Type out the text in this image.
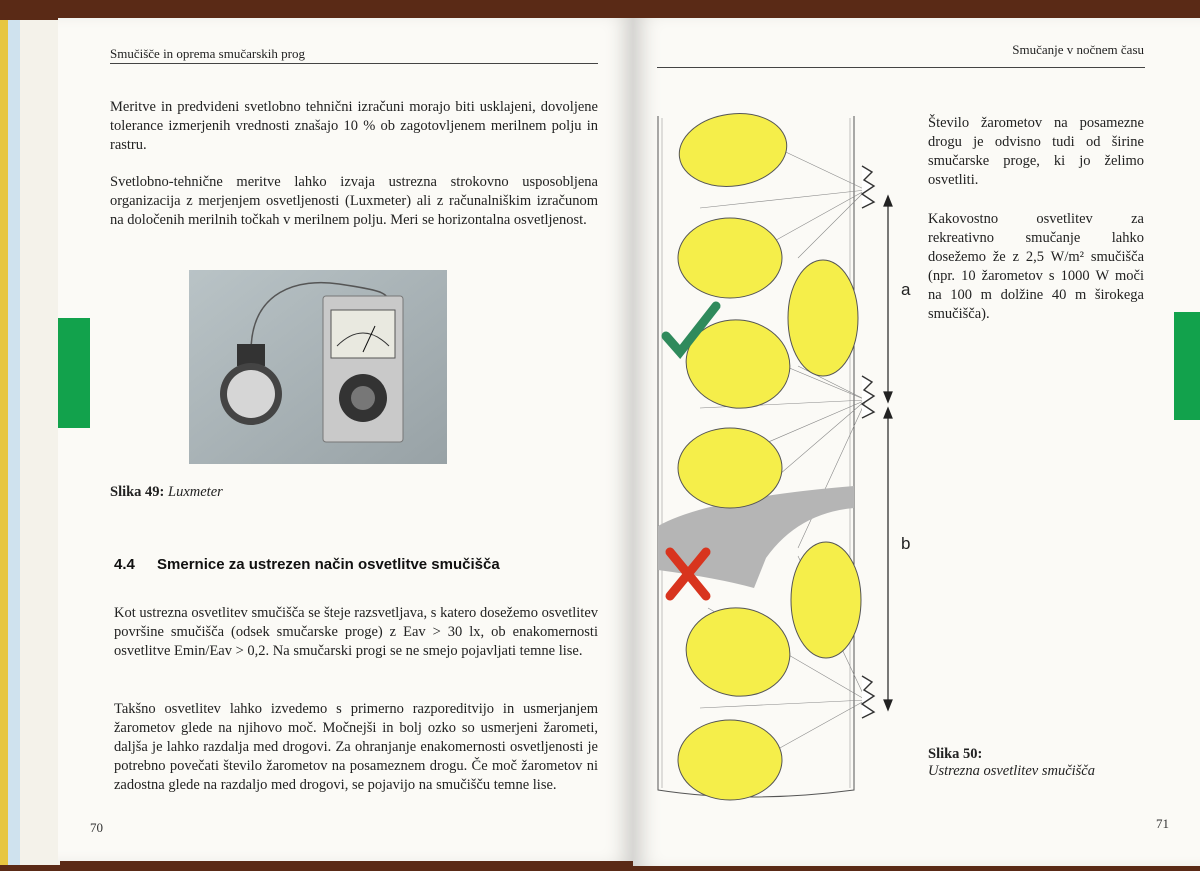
Smučišče in oprema smučarskih prog

Meritve in predvideni svetlobno tehnični izračuni morajo biti usklajeni, dovoljene tolerance izmerjenih vrednosti znašajo 10 % ob zagotovljenem merilnem polju in rastru.

Svetlobno-tehnične meritve lahko izvaja ustrezna strokovno usposobljena organizacija z merjenjem osvetljenosti (Luxmeter) ali z računalniškim izračunom na določenih merilnih točkah v merilnem polju. Meri se horizontalna osvetljenost.

Slika 49: Luxmeter
4.4 Smernice za ustrezen način osvetlitve smučišča

Kot ustrezna osvetlitev smučišča se šteje razsvetljava, s katero dosežemo osvetlitev površine smučišča (odsek smučarske proge) z Eav > 30 lx, ob enakomernosti osvetlitve Emin/Eav > 0,2. Na smučarski progi se ne smejo pojavljati temne lise.

Takšno osvetlitev lahko izvedemo s primerno razporeditvijo in usmerjanjem žarometov glede na njihovo moč. Močnejši in bolj ozko so usmerjeni žarometi, daljša je lahko razdalja med drogovi. Za ohranjanje enakomernosti osvetljenosti je potrebno povečati število žarometov na posameznem drogu. Če moč žarometov ni zadostna glede na razdaljo med drogovi, se pojavijo na smučišču temne lise.

70
Smučanje v nočnem času
a
b

Število žarometov na posamezne drogu je odvisno tudi od širine smučarske proge, ki jo želimo osvetliti.

Kakovostno osvetlitev za rekreativno smučanje lahko dosežemo že z 2,5 W/m² smučišča (npr. 10 žarometov s 1000 W moči na 100 m dolžine 40 m širokega smučišča).

Slika 50:
Ustrezna osvetlitev smučišča
71
